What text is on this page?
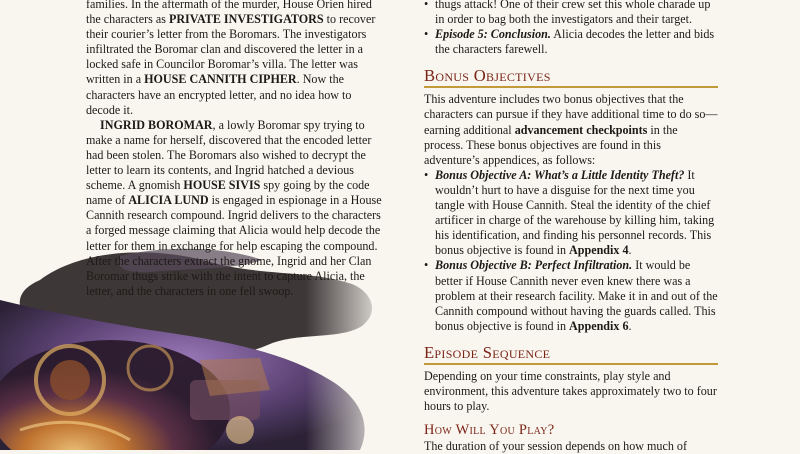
families. In the aftermath of the murder, House Orien hired the characters as PRIVATE INVESTIGATORS to recover their courier’s letter from the Boromars. The investigators infiltrated the Boromar clan and discovered the letter in a locked safe in Councilor Boromar’s villa. The letter was written in a HOUSE CANNITH CIPHER. Now the characters have an encrypted letter, and no idea how to decode it.

INGRID BOROMAR, a lowly Boromar spy trying to make a name for herself, discovered that the encoded letter had been stolen. The Boromars also wished to decrypt the letter to learn its contents, and Ingrid hatched a devious scheme. A gnomish HOUSE SIVIS spy going by the code name of ALICIA LUND is engaged in espionage in a House Cannith research compound. Ingrid delivers to the characters a forged message claiming that Alicia would help decode the letter for them in exchange for help escaping the compound. After the characters extract the gnome, Ingrid and her Clan Boromar thugs strike with the intent to capture Alicia, the letter, and the characters in one fell swoop.

• thugs attack! One of their crew set this whole charade up in order to bag both the investigators and their target.
• Episode 5: Conclusion. Alicia decodes the letter and bids the characters farewell.
Bonus Objectives

This adventure includes two bonus objectives that the characters can pursue if they have additional time to do so—earning additional advancement checkpoints in the process. These bonus objectives are found in this adventure’s appendices, as follows:

• Bonus Objective A: What’s a Little Identity Theft? It wouldn’t hurt to have a disguise for the next time you tangle with House Cannith. Steal the identity of the chief artificer in charge of the warehouse by killing him, taking his identification, and finding his personnel records. This bonus objective is found in Appendix 4.
• Bonus Objective B: Perfect Infiltration. It would be better if House Cannith never even knew there was a problem at their research facility. Make it in and out of the Cannith compound without having the guards called. This bonus objective is found in Appendix 6.
Episode Sequence

Depending on your time constraints, play style and environment, this adventure takes approximately two to four hours to play.

How Will You Play?

The duration of your session depends on how much of
